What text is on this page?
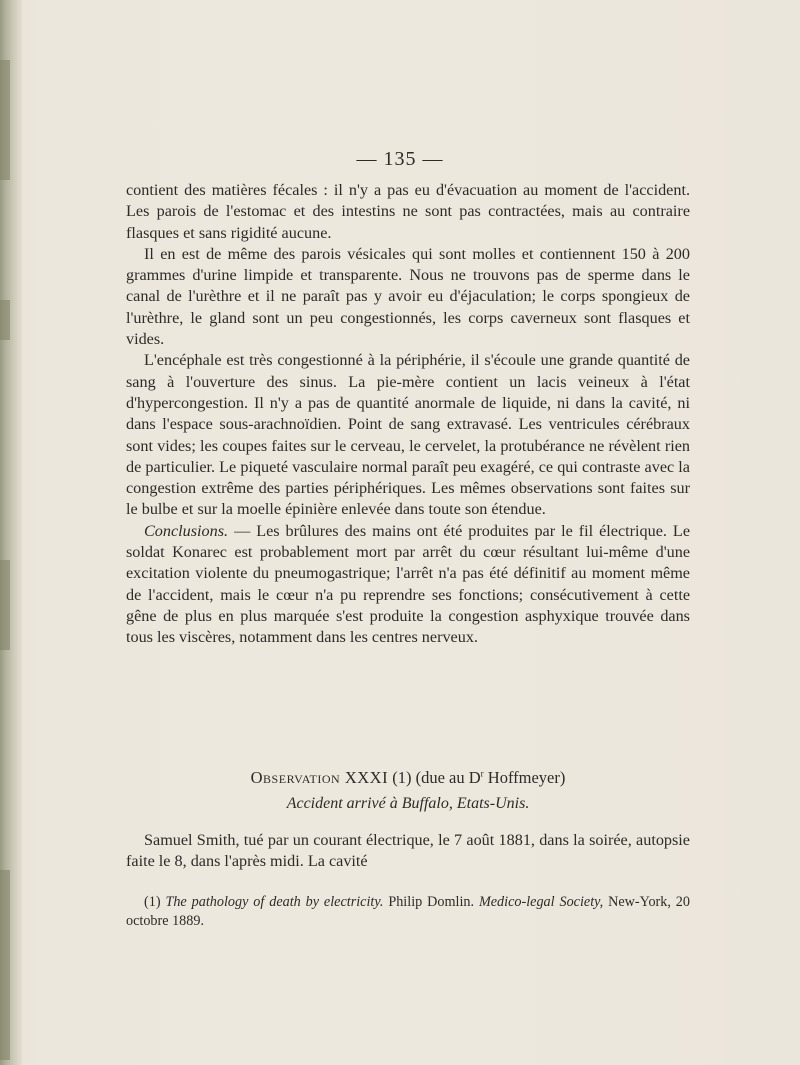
— 135 —

contient des matières fécales : il n'y a pas eu d'évacuation au moment de l'accident. Les parois de l'estomac et des intestins ne sont pas contractées, mais au contraire flasques et sans rigidité aucune.

Il en est de même des parois vésicales qui sont molles et contiennent 150 à 200 grammes d'urine limpide et transparente. Nous ne trouvons pas de sperme dans le canal de l'urèthre et il ne paraît pas y avoir eu d'éjaculation; le corps spongieux de l'urèthre, le gland sont un peu congestionnés, les corps caverneux sont flasques et vides.

L'encéphale est très congestionné à la périphérie, il s'écoule une grande quantité de sang à l'ouverture des sinus. La pie-mère contient un lacis veineux à l'état d'hypercongestion. Il n'y a pas de quantité anormale de liquide, ni dans la cavité, ni dans l'espace sous-arachnoïdien. Point de sang extravasé. Les ventricules cérébraux sont vides; les coupes faites sur le cerveau, le cervelet, la protubérance ne révèlent rien de particulier. Le piqueté vasculaire normal paraît peu exagéré, ce qui contraste avec la congestion extrême des parties périphériques. Les mêmes observations sont faites sur le bulbe et sur la moelle épinière enlevée dans toute son étendue.

Conclusions. — Les brûlures des mains ont été produites par le fil électrique. Le soldat Konarec est probablement mort par arrêt du cœur résultant lui-même d'une excitation violente du pneumogastrique; l'arrêt n'a pas été définitif au moment même de l'accident, mais le cœur n'a pu reprendre ses fonctions; consécutivement à cette gêne de plus en plus marquée s'est produite la congestion asphyxique trouvée dans tous les viscères, notamment dans les centres nerveux.

Observation XXXI (1) (due au $D^r$ Hoffmeyer)
Accident arrivé à Buffalo, Etats-Unis.

Samuel Smith, tué par un courant électrique, le 7 août 1881, dans la soirée, autopsie faite le 8, dans l'après midi. La cavité

(1) The pathology of death by electricity. Philip Domlin. Medico-legal Society, New-York, 20 octobre 1889.
